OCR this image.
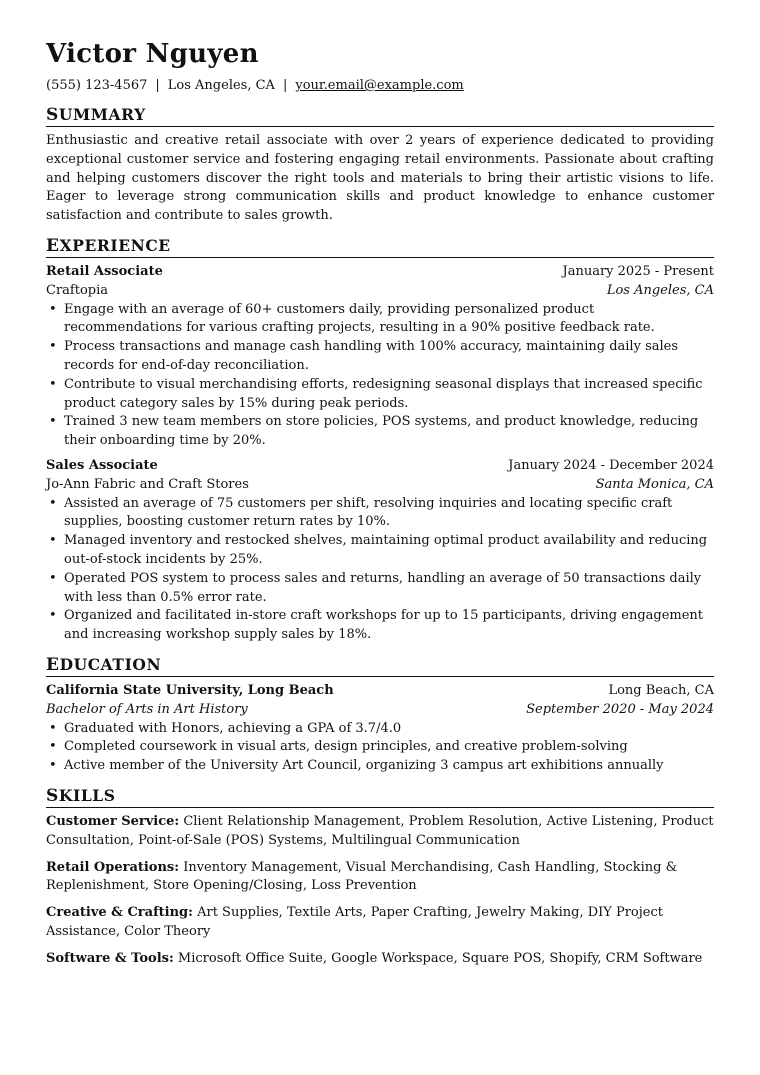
Victor Nguyen
(555) 123-4567 | Los Angeles, CA | your.email@example.com
SUMMARY

Enthusiastic and creative retail associate with over 2 years of experience dedicated to providing exceptional customer service and fostering engaging retail environments. Passionate about crafting and helping customers discover the right tools and materials to bring their artistic visions to life. Eager to leverage strong communication skills and product knowledge to enhance customer satisfaction and contribute to sales growth.

EXPERIENCE
Retail Associate	January 2025 - Present
Craftopia	Los Angeles, CA
• Engage with an average of 60+ customers daily, providing personalized product recommendations for various crafting projects, resulting in a 90% positive feedback rate.
• Process transactions and manage cash handling with 100% accuracy, maintaining daily sales records for end-of-day reconciliation.
• Contribute to visual merchandising efforts, redesigning seasonal displays that increased specific product category sales by 15% during peak periods.
• Trained 3 new team members on store policies, POS systems, and product knowledge, reducing their onboarding time by 20%.
Sales Associate	January 2024 - December 2024
Jo-Ann Fabric and Craft Stores	Santa Monica, CA
• Assisted an average of 75 customers per shift, resolving inquiries and locating specific craft supplies, boosting customer return rates by 10%.
• Managed inventory and restocked shelves, maintaining optimal product availability and reducing out-of-stock incidents by 25%.
• Operated POS system to process sales and returns, handling an average of 50 transactions daily with less than 0.5% error rate.
• Organized and facilitated in-store craft workshops for up to 15 participants, driving engagement and increasing workshop supply sales by 18%.
EDUCATION
California State University, Long Beach	Long Beach, CA
Bachelor of Arts in Art History	September 2020 - May 2024
• Graduated with Honors, achieving a GPA of 3.7/4.0
• Completed coursework in visual arts, design principles, and creative problem-solving
• Active member of the University Art Council, organizing 3 campus art exhibitions annually
SKILLS
Customer Service: Client Relationship Management, Problem Resolution, Active Listening, Product Consultation, Point-of-Sale (POS) Systems, Multilingual Communication
Retail Operations: Inventory Management, Visual Merchandising, Cash Handling, Stocking & Replenishment, Store Opening/Closing, Loss Prevention
Creative & Crafting: Art Supplies, Textile Arts, Paper Crafting, Jewelry Making, DIY Project Assistance, Color Theory
Software & Tools: Microsoft Office Suite, Google Workspace, Square POS, Shopify, CRM Software
